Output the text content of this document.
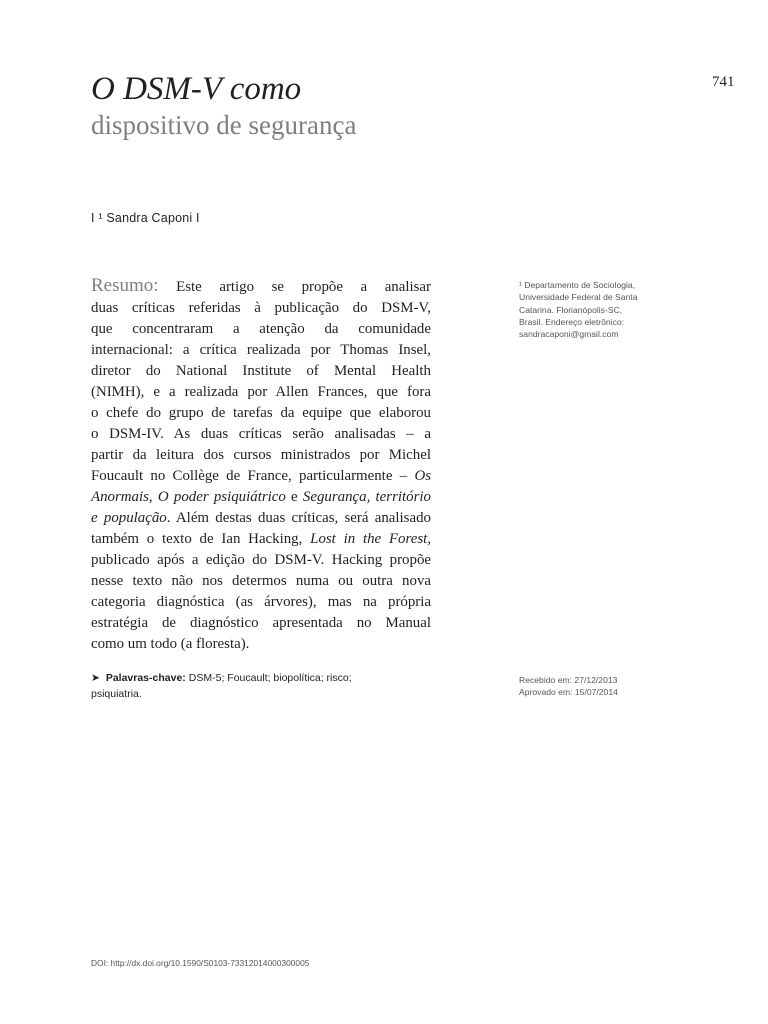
741
O DSM-V como
dispositivo de segurança
I ¹ Sandra Caponi I
Resumo: Este artigo se propõe a analisar
duas críticas referidas à publicação do DSM-V,
que concentraram a atenção da comunidade
internacional: a crítica realizada por Thomas Insel,
diretor do National Institute of Mental Health
(NIMH), e a realizada por Allen Frances, que fora
o chefe do grupo de tarefas da equipe que elaborou
o DSM-IV. As duas críticas serão analisadas – a
partir da leitura dos cursos ministrados por Michel
Foucault no Collège de France, particularmente – Os
Anormais, O poder psiquiátrico e Segurança, território
e população. Além destas duas críticas, será analisado
também o texto de Ian Hacking, Lost in the Forest,
publicado após a edição do DSM-V. Hacking propõe
nesse texto não nos determos numa ou outra nova
categoria diagnóstica (as árvores), mas na própria
estratégia de diagnóstico apresentada no Manual
como um todo (a floresta).
➤ Palavras-chave: DSM-5; Foucault; biopolítica; risco;
psiquiatria.
¹ Departamento de Sociologia,
Universidade Federal de Santa
Catarina. Florianópolis-SC,
Brasil. Endereço eletrônico:
sandracaponi@gmail.com
Recebido em: 27/12/2013
Aprovado em: 15/07/2014
DOI: http://dx.doi.org/10.1590/S0103-73312014000300005
